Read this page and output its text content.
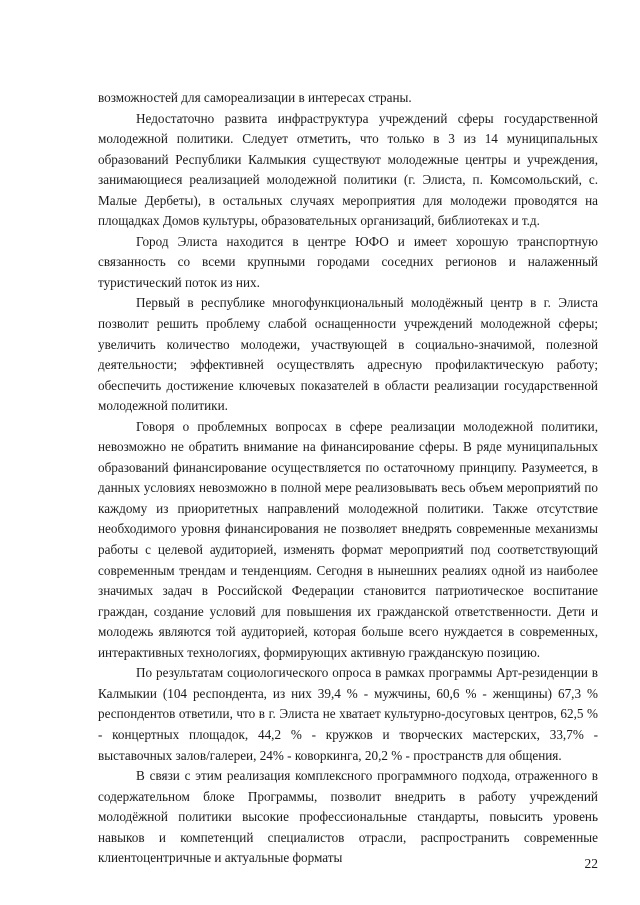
возможностей для самореализации в интересах страны.

Недостаточно развита инфраструктура учреждений сферы государственной молодежной политики. Следует отметить, что только в 3 из 14 муниципальных образований Республики Калмыкия существуют молодежные центры и учреждения, занимающиеся реализацией молодежной политики (г. Элиста, п. Комсомольский, с. Малые Дербеты), в остальных случаях мероприятия для молодежи проводятся на площадках Домов культуры, образовательных организаций, библиотеках и т.д.

Город Элиста находится в центре ЮФО и имеет хорошую транспортную связанность со всеми крупными городами соседних регионов и налаженный туристический поток из них.

Первый в республике многофункциональный молодёжный центр в г. Элиста позволит решить проблему слабой оснащенности учреждений молодежной сферы; увеличить количество молодежи, участвующей в социально-значимой, полезной деятельности; эффективней осуществлять адресную профилактическую работу; обеспечить достижение ключевых показателей в области реализации государственной молодежной политики.

Говоря о проблемных вопросах в сфере реализации молодежной политики, невозможно не обратить внимание на финансирование сферы. В ряде муниципальных образований финансирование осуществляется по остаточному принципу. Разумеется, в данных условиях невозможно в полной мере реализовывать весь объем мероприятий по каждому из приоритетных направлений молодежной политики. Также отсутствие необходимого уровня финансирования не позволяет внедрять современные механизмы работы с целевой аудиторией, изменять формат мероприятий под соответствующий современным трендам и тенденциям. Сегодня в нынешних реалиях одной из наиболее значимых задач в Российской Федерации становится патриотическое воспитание граждан, создание условий для повышения их гражданской ответственности. Дети и молодежь являются той аудиторией, которая больше всего нуждается в современных, интерактивных технологиях, формирующих активную гражданскую позицию.

По результатам социологического опроса в рамках программы Арт-резиденции в Калмыкии (104 респондента, из них 39,4 % - мужчины, 60,6 % - женщины) 67,3 % респондентов ответили, что в г. Элиста не хватает культурно-досуговых центров, 62,5 % - концертных площадок, 44,2 % - кружков и творческих мастерских, 33,7% - выставочных залов/галереи, 24% - коворкинга, 20,2 % - пространств для общения.

В связи с этим реализация комплексного программного подхода, отраженного в содержательном блоке Программы, позволит внедрить в работу учреждений молодёжной политики высокие профессиональные стандарты, повысить уровень навыков и компетенций специалистов отрасли, распространить современные клиентоцентричные и актуальные форматы	22
